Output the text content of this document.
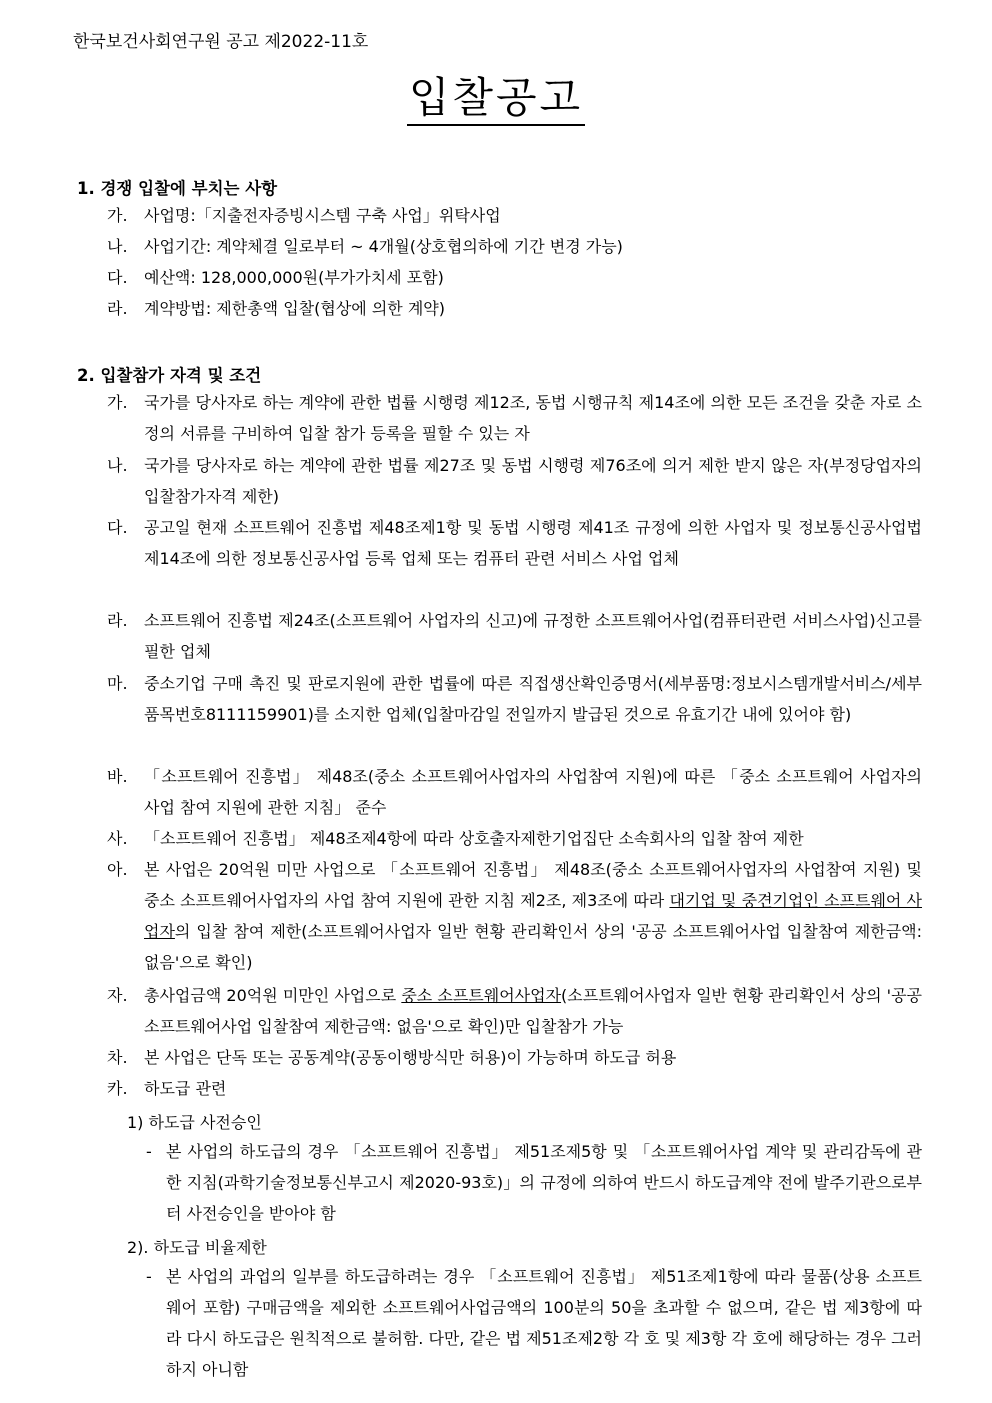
한국보건사회연구원 공고 제2022-11호
입찰공고
1. 경쟁 입찰에 부치는 사항
가. 사업명:「지출전자증빙시스템 구축 사업」위탁사업
나. 사업기간: 계약체결 일로부터 ~ 4개월(상호협의하에 기간 변경 가능)
다. 예산액: 128,000,000원(부가가치세 포함)
라. 계약방법: 제한총액 입찰(협상에 의한 계약)
2. 입찰참가 자격 및 조건
가. 국가를 당사자로 하는 계약에 관한 법률 시행령 제12조, 동법 시행규칙 제14조에 의한 모든 조건을 갖춘 자로 소정의 서류를 구비하여 입찰 참가 등록을 필할 수 있는 자
나. 국가를 당사자로 하는 계약에 관한 법률 제27조 및 동법 시행령 제76조에 의거 제한 받지 않은 자(부정당업자의 입찰참가자격 제한)
다. 공고일 현재 소프트웨어 진흥법 제48조제1항 및 동법 시행령 제41조 규정에 의한 사업자 및 정보통신공사업법 제14조에 의한 정보통신공사업 등록 업체 또는 컴퓨터 관련 서비스 사업 업체
라. 소프트웨어 진흥법 제24조(소프트웨어 사업자의 신고)에 규정한 소프트웨어사업(컴퓨터관련 서비스사업)신고를 필한 업체
마. 중소기업 구매 촉진 및 판로지원에 관한 법률에 따른 직접생산확인증명서(세부품명:정보시스템개발서비스/세부품목번호8111159901)를 소지한 업체(입찰마감일 전일까지 발급된 것으로 유효기간 내에 있어야 함)
바. 「소프트웨어 진흥법」 제48조(중소 소프트웨어사업자의 사업참여 지원)에 따른 「중소 소프트웨어 사업자의 사업 참여 지원에 관한 지침」 준수
사. 「소프트웨어 진흥법」 제48조제4항에 따라 상호출자제한기업집단 소속회사의 입찰 참여 제한
아. 본 사업은 20억원 미만 사업으로 「소프트웨어 진흥법」 제48조(중소 소프트웨어사업자의 사업참여 지원) 및 중소 소프트웨어사업자의 사업 참여 지원에 관한 지침 제2조, 제3조에 따라 대기업 및 중견기업인 소프트웨어 사업자의 입찰 참여 제한(소프트웨어사업자 일반 현황 관리확인서 상의 '공공 소프트웨어사업 입찰참여 제한금액: 없음'으로 확인)
자. 총사업금액 20억원 미만인 사업으로 중소 소프트웨어사업자(소프트웨어사업자 일반 현황 관리확인서 상의 '공공 소프트웨어사업 입찰참여 제한금액: 없음'으로 확인)만 입찰참가 가능
차. 본 사업은 단독 또는 공동계약(공동이행방식만 허용)이 가능하며 하도급 허용
카. 하도급 관련
1) 하도급 사전승인
- 본 사업의 하도급의 경우 「소프트웨어 진흥법」 제51조제5항 및 「소프트웨어사업 계약 및 관리감독에 관한 지침(과학기술정보통신부고시 제2020-93호)」의 규정에 의하여 반드시 하도급계약 전에 발주기관으로부터 사전승인을 받아야 함
2). 하도급 비율제한
- 본 사업의 과업의 일부를 하도급하려는 경우 「소프트웨어 진흥법」 제51조제1항에 따라 물품(상용 소프트웨어 포함) 구매금액을 제외한 소프트웨어사업금액의 100분의 50을 초과할 수 없으며, 같은 법 제3항에 따라 다시 하도급은 원칙적으로 불허함. 다만, 같은 법 제51조제2항 각 호 및 제3항 각 호에 해당하는 경우 그러하지 아니함
